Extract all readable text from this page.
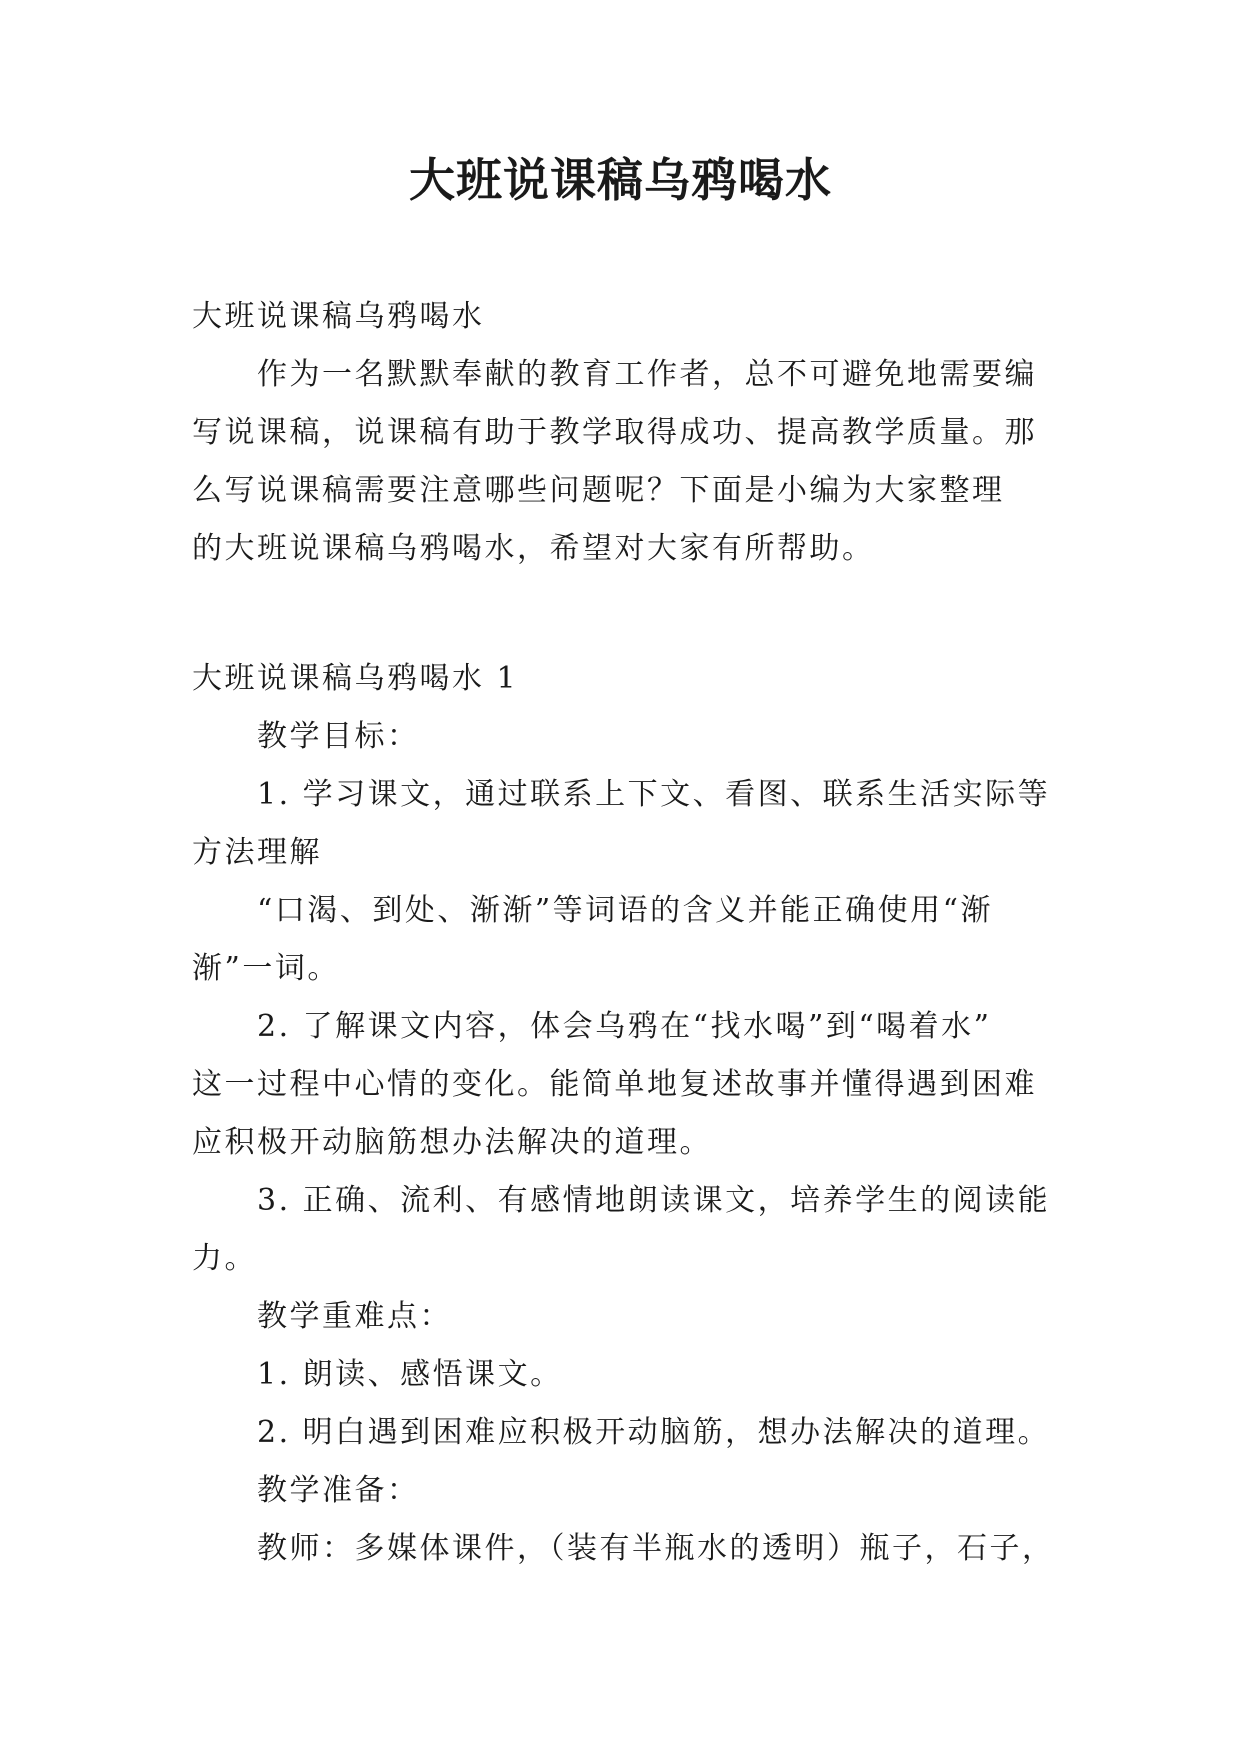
大班说课稿乌鸦喝水

大班说课稿乌鸦喝水

　　作为一名默默奉献的教育工作者，总不可避免地需要编

写说课稿，说课稿有助于教学取得成功、提高教学质量。那

么写说课稿需要注意哪些问题呢？下面是小编为大家整理

的大班说课稿乌鸦喝水，希望对大家有所帮助。

大班说课稿乌鸦喝水 1

　　教学目标：

　　1. 学习课文，通过联系上下文、看图、联系生活实际等

方法理解

　　“口渴、到处、渐渐”等词语的含义并能正确使用“渐

渐”一词。

　　2. 了解课文内容，体会乌鸦在“找水喝”到“喝着水”

这一过程中心情的变化。能简单地复述故事并懂得遇到困难

应积极开动脑筋想办法解决的道理。

　　3. 正确、流利、有感情地朗读课文，培养学生的阅读能

力。

　　教学重难点：

　　1. 朗读、感悟课文。

　　2. 明白遇到困难应积极开动脑筋，想办法解决的道理。

　　教学准备：

　　教师：多媒体课件，（装有半瓶水的透明）瓶子，石子，
